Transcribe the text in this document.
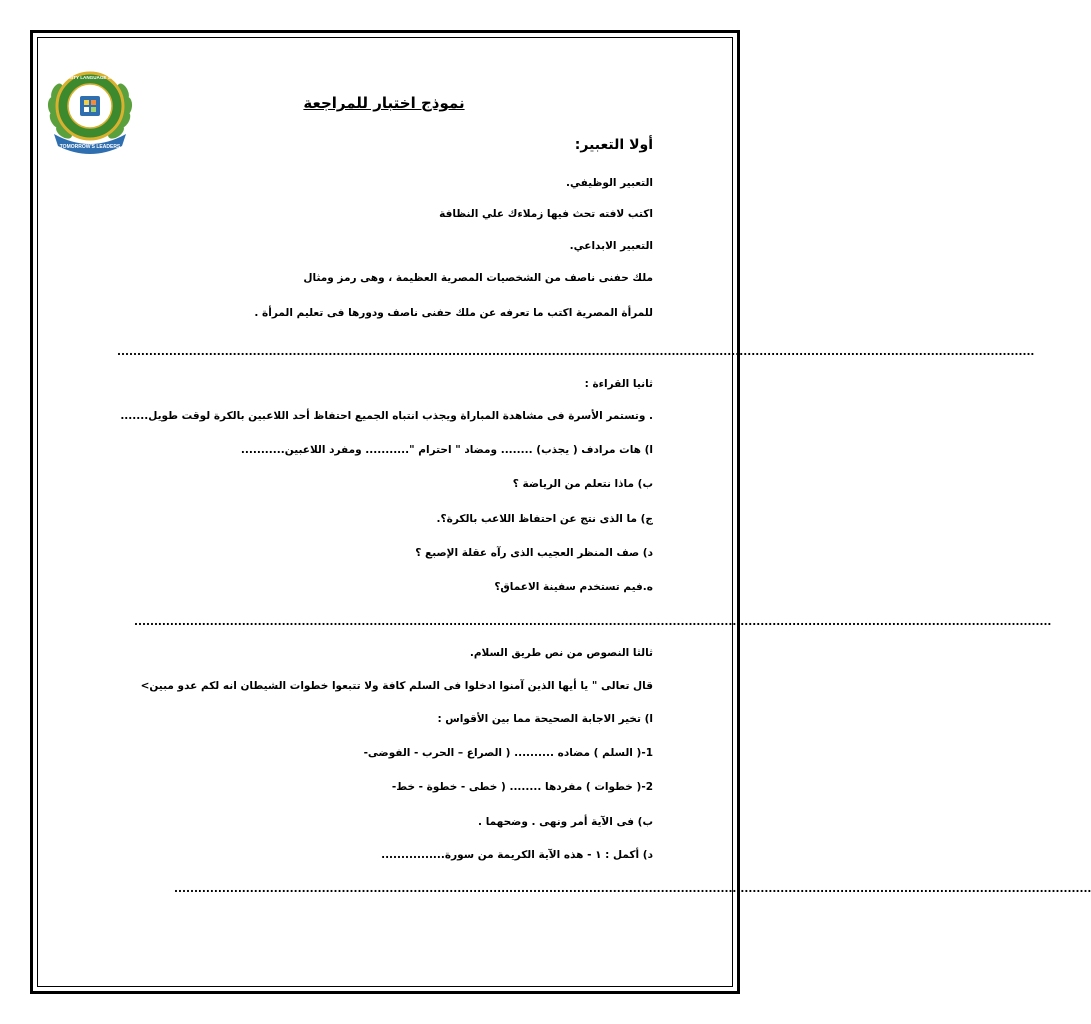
TOMORROW'S LEADERS
MATERNITY LANGUAGE SCHOOL
نموذج اختبار للمراجعة
أولا التعبير:
التعبير الوظيفي.
اكتب لافته تحث فيها زملاءك علي النظافة
التعبير الابداعي.
ملك حفنى ناصف من الشخصيات المصرية العظيمة ، وهى رمز ومثال
للمرأة المصرية اكتب ما تعرفه عن ملك حفنى ناصف ودورها فى تعليم المرأة .
......................................................................................................................................................................................................................................
ثانيا القراءة :
. وتستمر الأسرة فى مشاهدة المباراة ويجذب انتباه الجميع احتفاظ أحد اللاعبين بالكرة لوقت طويل.......
ا) هات مرادف ( يجذب) ........ ومضاد " احترام "........... ومفرد اللاعبين...........
ب) ماذا نتعلم من الرياضة ؟
ج) ما الذى نتج عن احتفاظ اللاعب بالكرة؟.
د) صف المنظر العجيب الذى رآه عقلة الإصبع ؟
ه.فيم تستخدم سفينة الاعماق؟
......................................................................................................................................................................................................................................
ثالثا النصوص من نص طريق السلام.
قال تعالى " يا أيها الذين آمنوا ادخلوا فى السلم كافة ولا تتبعوا خطوات الشيطان انه لكم عدو مبين>
ا) تخير الاجابة الصحيحة مما بين الأقواس :
1-( السلم ) مضاده .......... ( الصراع – الحرب - الفوضى-
2-( خطوات ) مفردها ........ ( خطى - خطوة - خط-
ب) فى الآية أمر ونهى . وضحهما .
د) أكمل : ١ - هذه الآية الكريمة من سورة................
......................................................................................................................................................................................................................................
